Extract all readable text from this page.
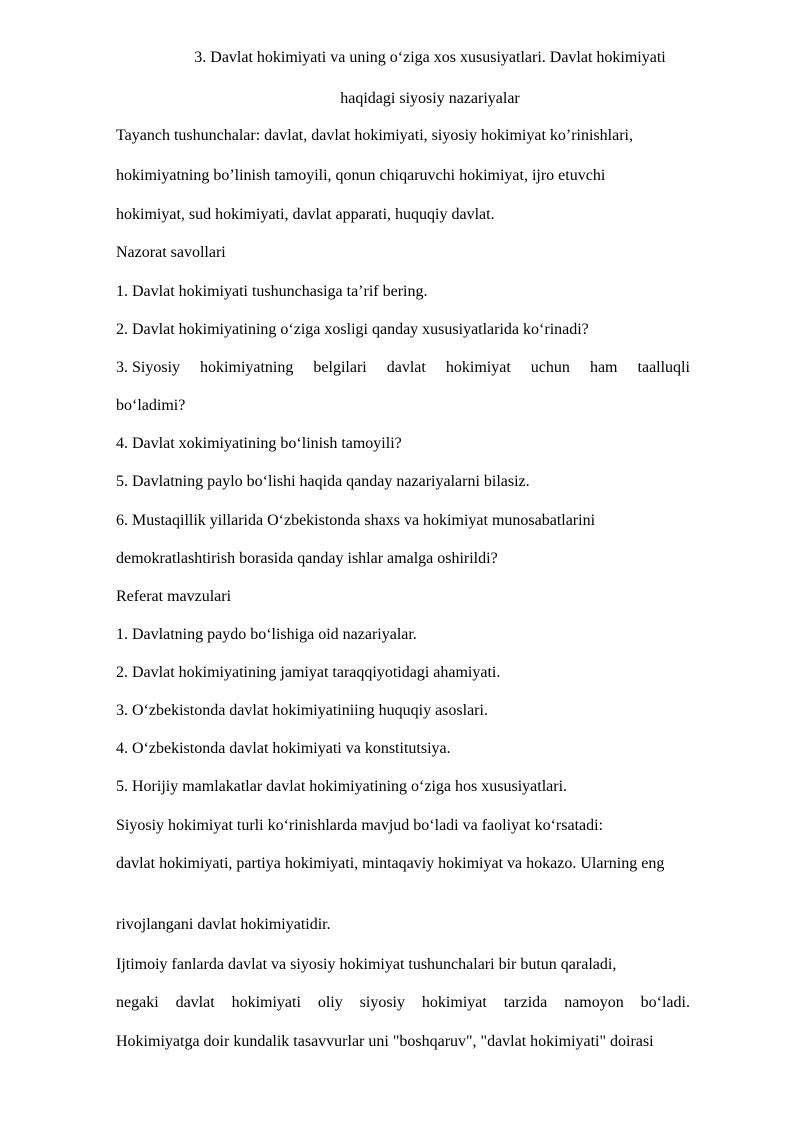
3. Davlat hokimiyati va uning o‘ziga xos xususiyatlari. Davlat hokimiyati
haqidagi siyosiy nazariyalar
Tayanch tushunchalar: davlat, davlat hokimiyati, siyosiy hokimiyat ko’rinishlari,
hokimiyatning bo’linish tamoyili, qonun chiqaruvchi hokimiyat, ijro etuvchi
hokimiyat, sud hokimiyati, davlat apparati, huquqiy davlat.
Nazorat savollari
1. Davlat hokimiyati tushunchasiga ta’rif bering.
2. Davlat hokimiyatining o‘ziga xosligi qanday xususiyatlarida ko‘rinadi?
3. Siyosiy hokimiyatning belgilari davlat hokimiyat uchun ham taalluqli
bo‘ladimi?
4. Davlat xokimiyatining bo‘linish tamoyili?
5. Davlatning paylo bo‘lishi haqida qanday nazariyalarni bilasiz.
6. Mustaqillik yillarida O‘zbekistonda shaxs va hokimiyat munosabatlarini
demokratlashtirish borasida qanday ishlar amalga oshirildi?
Referat mavzulari
1. Davlatning paydo bo‘lishiga oid nazariyalar.
2. Davlat hokimiyatining jamiyat taraqqiyotidagi ahamiyati.
3. O‘zbekistonda davlat hokimiyatiniing huquqiy asoslari.
4. O‘zbekistonda davlat hokimiyati va konstitutsiya.
5. Horijiy mamlakatlar davlat hokimiyatining o‘ziga hos xususiyatlari.
Siyosiy hokimiyat turli ko‘rinishlarda mavjud bo‘ladi va faoliyat ko‘rsatadi:
davlat hokimiyati, partiya hokimiyati, mintaqaviy hokimiyat va hokazo. Ularning eng
rivojlangani davlat hokimiyatidir.
Ijtimoiy fanlarda davlat va siyosiy hokimiyat tushunchalari bir butun qaraladi,
negaki davlat hokimiyati oliy siyosiy hokimiyat tarzida namoyon bo‘ladi.
Hokimiyatga doir kundalik tasavvurlar uni "boshqaruv", "davlat hokimiyati" doirasi
